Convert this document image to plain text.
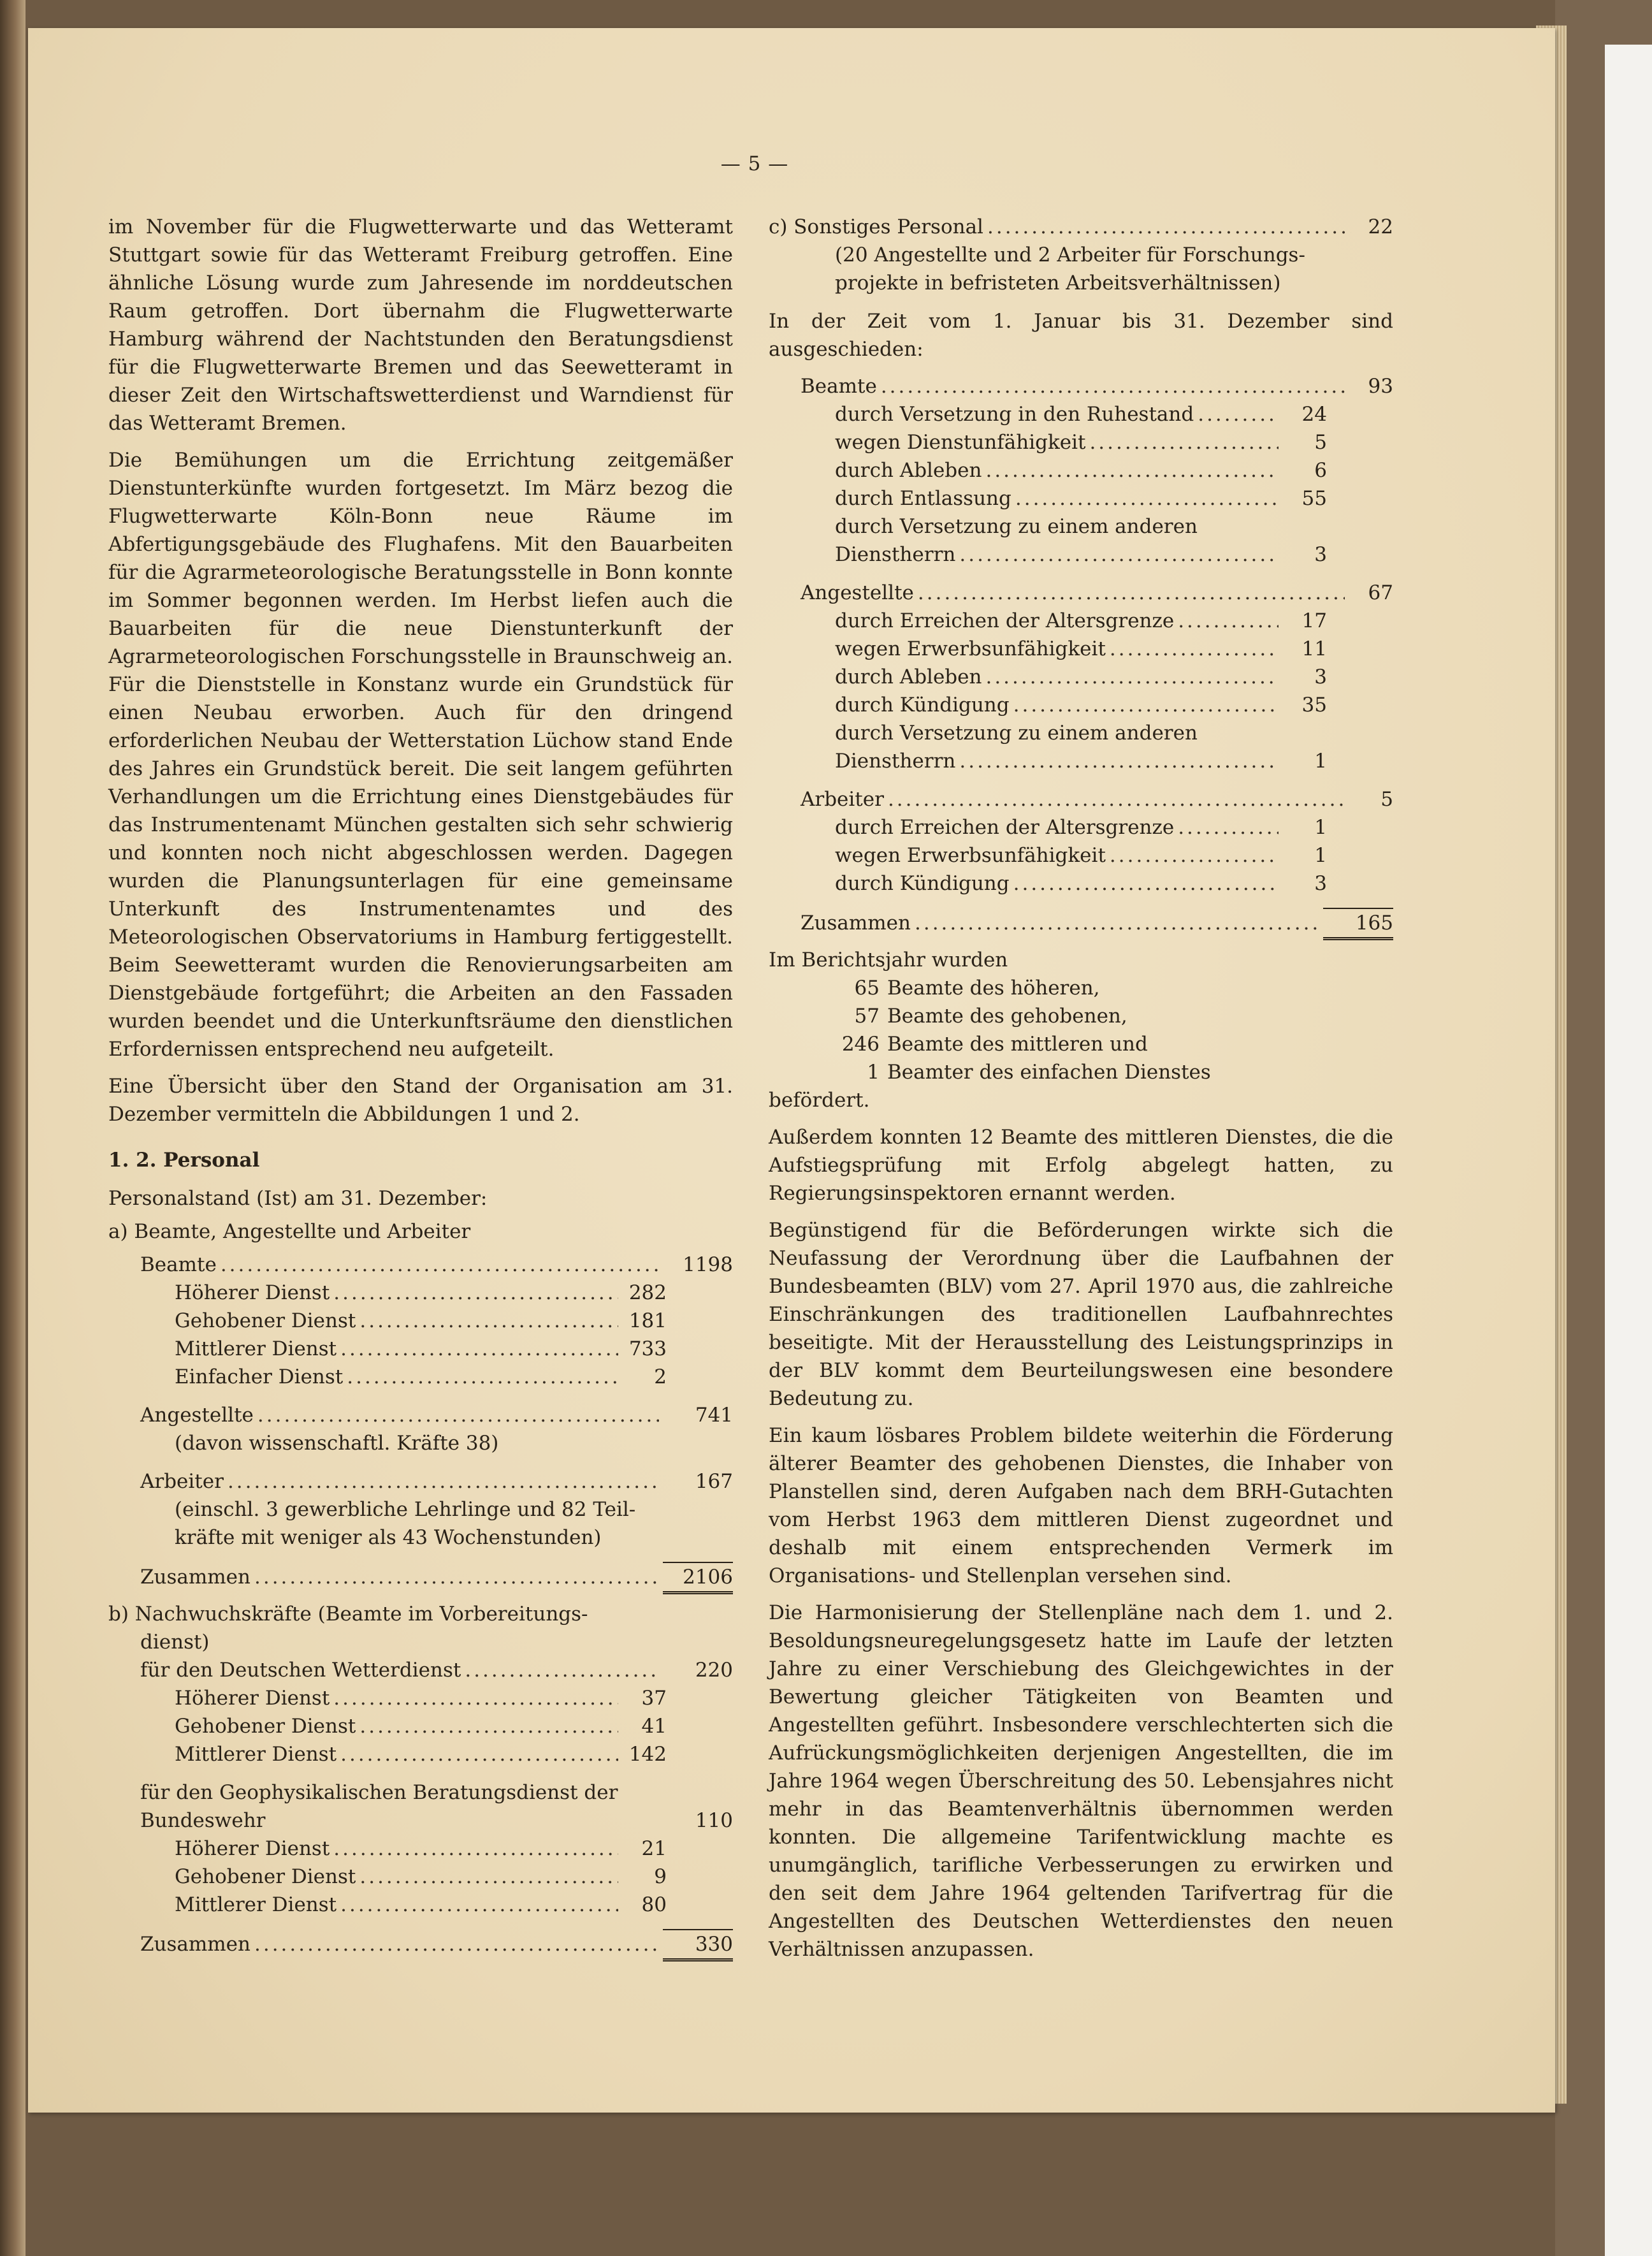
— 5 —

im November für die Flugwetterwarte und das Wetteramt Stuttgart sowie für das Wetteramt Freiburg getroffen. Eine ähnliche Lösung wurde zum Jahresende im norddeutschen Raum getroffen. Dort übernahm die Flugwetterwarte Hamburg während der Nachtstunden den Beratungsdienst für die Flugwetterwarte Bremen und das Seewetteramt in dieser Zeit den Wirtschaftswetterdienst und Warndienst für das Wetteramt Bremen.

Die Bemühungen um die Errichtung zeitgemäßer Dienstunterkünfte wurden fortgesetzt. Im März bezog die Flugwetterwarte Köln-Bonn neue Räume im Abfertigungsgebäude des Flughafens. Mit den Bauarbeiten für die Agrarmeteorologische Beratungsstelle in Bonn konnte im Sommer begonnen werden. Im Herbst liefen auch die Bauarbeiten für die neue Dienstunterkunft der Agrarmeteorologischen Forschungsstelle in Braunschweig an. Für die Dienststelle in Konstanz wurde ein Grundstück für einen Neubau erworben. Auch für den dringend erforderlichen Neubau der Wetterstation Lüchow stand Ende des Jahres ein Grundstück bereit. Die seit langem geführten Verhandlungen um die Errichtung eines Dienstgebäudes für das Instrumentenamt München gestalten sich sehr schwierig und konnten noch nicht abgeschlossen werden. Dagegen wurden die Planungsunterlagen für eine gemeinsame Unterkunft des Instrumentenamtes und des Meteorologischen Observatoriums in Hamburg fertiggestellt. Beim Seewetteramt wurden die Renovierungsarbeiten am Dienstgebäude fortgeführt; die Arbeiten an den Fassaden wurden beendet und die Unterkunftsräume den dienstlichen Erfordernissen entsprechend neu aufgeteilt.

Eine Übersicht über den Stand der Organisation am 31. Dezember vermitteln die Abbildungen 1 und 2.

1. 2. Personal
Personalstand (Ist) am 31. Dezember:
a) Beamte, Angestellte und Arbeiter
Beamte .....	1198
Höherer Dienst .....	282
Gehobener Dienst .....	181
Mittlerer Dienst .....	733
Einfacher Dienst .....	2
Angestellte .....	741
(davon wissenschaftl. Kräfte 38)
Arbeiter .....	167
(einschl. 3 gewerbliche Lehrlinge und 82 Teil-
kräfte mit weniger als 43 Wochenstunden)
Zusammen .....	2106
b) Nachwuchskräfte (Beamte im Vorbereitungs-
dienst)
für den Deutschen Wetterdienst .....	220
Höherer Dienst .....	37
Gehobener Dienst .....	41
Mittlerer Dienst .....	142
für den Geophysikalischen Beratungsdienst der
Bundeswehr	110
Höherer Dienst .....	21
Gehobener Dienst .....	9
Mittlerer Dienst .....	80
Zusammen .....	330
c) Sonstiges Personal .....	22
(20 Angestellte und 2 Arbeiter für Forschungs-
projekte in befristeten Arbeitsverhältnissen)

In der Zeit vom 1. Januar bis 31. Dezember sind ausgeschieden:

Beamte .....	93
durch Versetzung in den Ruhestand .....	24
wegen Dienstunfähigkeit .....	5
durch Ableben .....	6
durch Entlassung .....	55
durch Versetzung zu einem anderen
Dienstherrn .....	3
Angestellte .....	67
durch Erreichen der Altersgrenze .....	17
wegen Erwerbsunfähigkeit .....	11
durch Ableben .....	3
durch Kündigung .....	35
durch Versetzung zu einem anderen
Dienstherrn .....	1
Arbeiter .....	5
durch Erreichen der Altersgrenze .....	1
wegen Erwerbsunfähigkeit .....	1
durch Kündigung .....	3
Zusammen .....	165
Im Berichtsjahr wurden
65 Beamte des höheren,
57 Beamte des gehobenen,
246 Beamte des mittleren und
1 Beamter des einfachen Dienstes
befördert.

Außerdem konnten 12 Beamte des mittleren Dienstes, die die Aufstiegsprüfung mit Erfolg abgelegt hatten, zu Regierungsinspektoren ernannt werden.

Begünstigend für die Beförderungen wirkte sich die Neufassung der Verordnung über die Laufbahnen der Bundesbeamten (BLV) vom 27. April 1970 aus, die zahlreiche Einschränkungen des traditionellen Laufbahnrechtes beseitigte. Mit der Herausstellung des Leistungsprinzips in der BLV kommt dem Beurteilungswesen eine besondere Bedeutung zu.

Ein kaum lösbares Problem bildete weiterhin die Förderung älterer Beamter des gehobenen Dienstes, die Inhaber von Planstellen sind, deren Aufgaben nach dem BRH-Gutachten vom Herbst 1963 dem mittleren Dienst zugeordnet und deshalb mit einem entsprechenden Vermerk im Organisations- und Stellenplan versehen sind.

Die Harmonisierung der Stellenpläne nach dem 1. und 2. Besoldungsneuregelungsgesetz hatte im Laufe der letzten Jahre zu einer Verschiebung des Gleichgewichtes in der Bewertung gleicher Tätigkeiten von Beamten und Angestellten geführt. Insbesondere verschlechterten sich die Aufrückungsmöglichkeiten derjenigen Angestellten, die im Jahre 1964 wegen Überschreitung des 50. Lebensjahres nicht mehr in das Beamtenverhältnis übernommen werden konnten. Die allgemeine Tarifentwicklung machte es unumgänglich, tarifliche Verbesserungen zu erwirken und den seit dem Jahre 1964 geltenden Tarifvertrag für die Angestellten des Deutschen Wetterdienstes den neuen Verhältnissen anzupassen.
